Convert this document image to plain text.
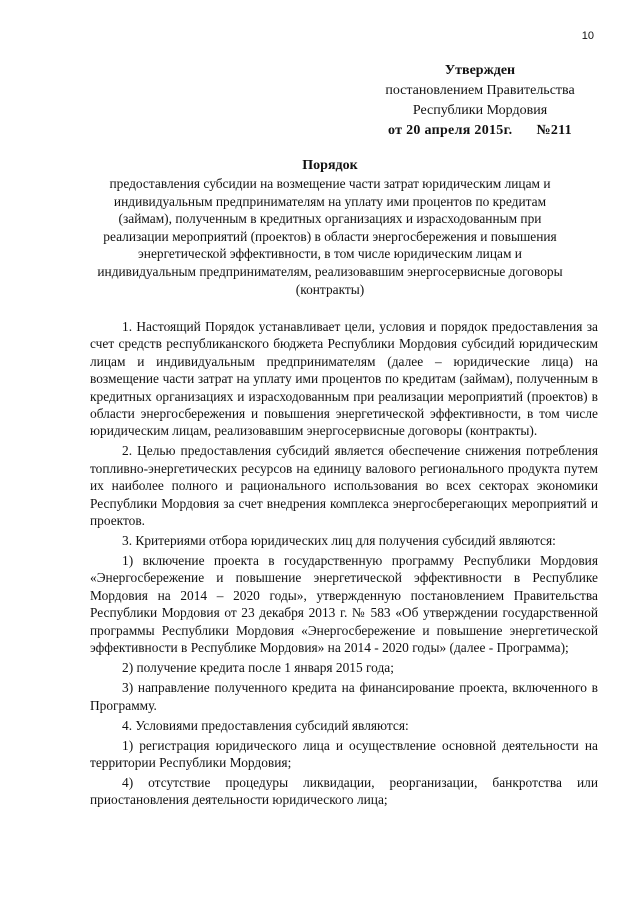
10
Утвержден
постановлением Правительства
Республики Мордовия
от 20 апреля 2015г. №211
Порядок
предоставления субсидии на возмещение части затрат юридическим лицам и индивидуальным предпринимателям на уплату ими процентов по кредитам (займам), полученным в кредитных организациях и израсходованным при реализации мероприятий (проектов) в области энергосбережения и повышения энергетической эффективности, в том числе юридическим лицам и индивидуальным предпринимателям, реализовавшим энергосервисные договоры (контракты)

1. Настоящий Порядок устанавливает цели, условия и порядок предоставления за счет средств республиканского бюджета Республики Мордовия субсидий юридическим лицам и индивидуальным предпринимателям (далее – юридические лица) на возмещение части затрат на уплату ими процентов по кредитам (займам), полученным в кредитных организациях и израсходованным при реализации мероприятий (проектов) в области энергосбережения и повышения энергетической эффективности, в том числе юридическим лицам, реализовавшим энергосервисные договоры (контракты).

2. Целью предоставления субсидий является обеспечение снижения потребления топливно-энергетических ресурсов на единицу валового регионального продукта путем их наиболее полного и рационального использования во всех секторах экономики Республики Мордовия за счет внедрения комплекса энергосберегающих мероприятий и проектов.

3. Критериями отбора юридических лиц для получения субсидий являются:

1) включение проекта в государственную программу Республики Мордовия «Энергосбережение и повышение энергетической эффективности в Республике Мордовия на 2014 – 2020 годы», утвержденную постановлением Правительства Республики Мордовия от 23 декабря 2013 г. № 583 «Об утверждении государственной программы Республики Мордовия «Энергосбережение и повышение энергетической эффективности в Республике Мордовия» на 2014 - 2020 годы» (далее - Программа);

2) получение кредита после 1 января 2015 года;

3) направление полученного кредита на финансирование проекта, включенного в Программу.

4. Условиями предоставления субсидий являются:

1) регистрация юридического лица и осуществление основной деятельности на территории Республики Мордовия;

4) отсутствие процедуры ликвидации, реорганизации, банкротства или приостановления деятельности юридического лица;
